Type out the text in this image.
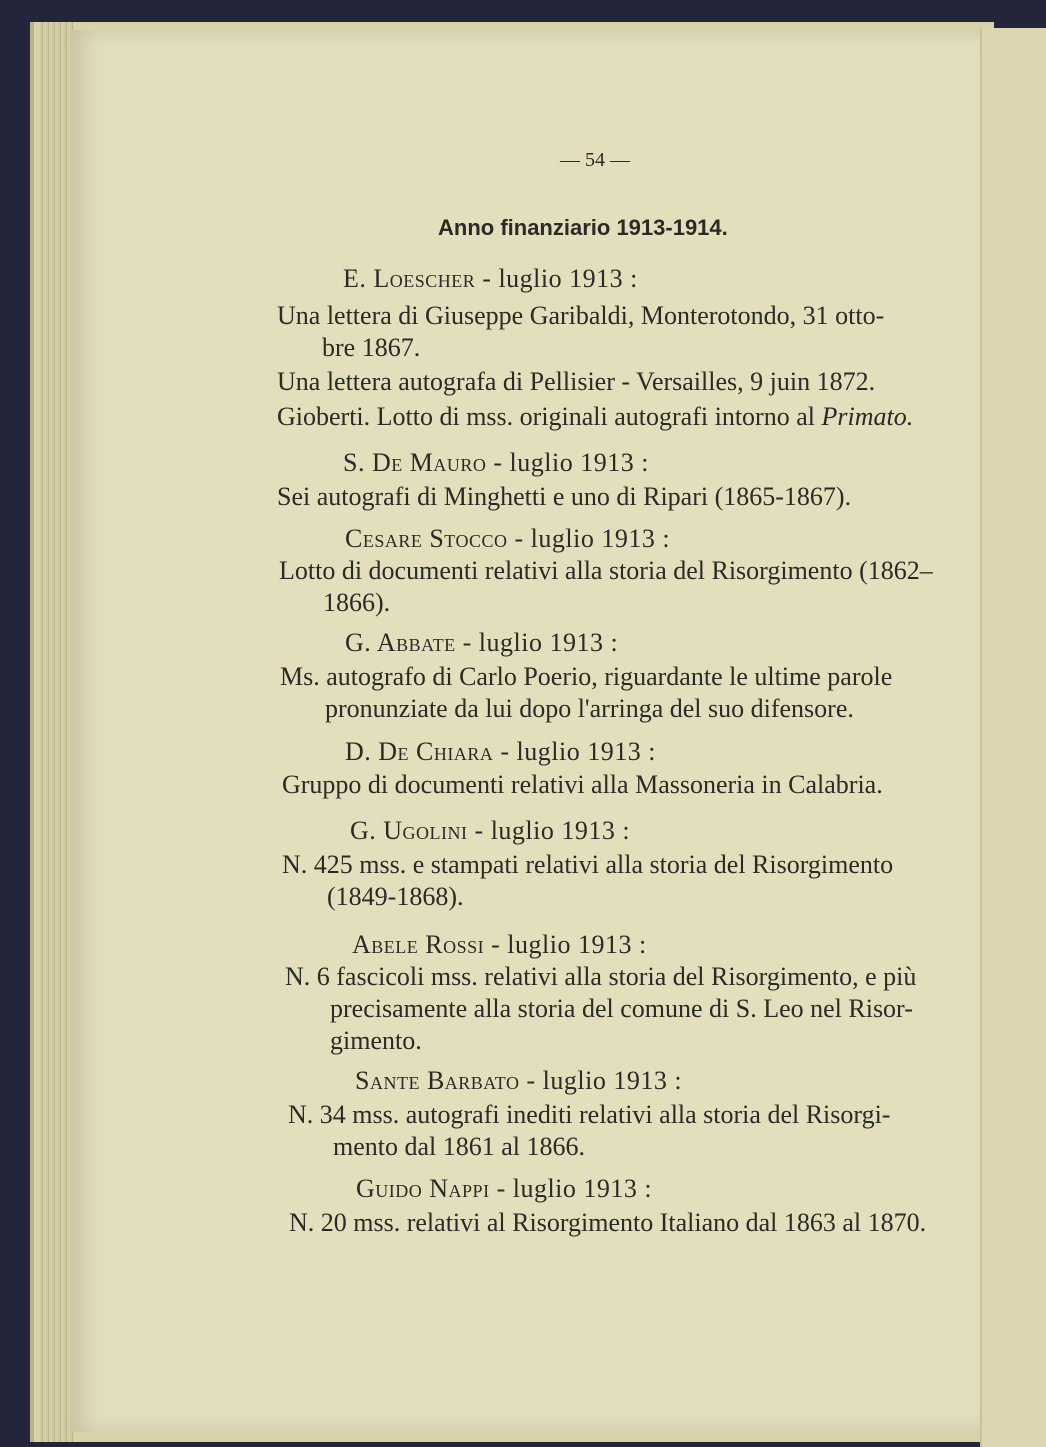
— 54 —
Anno finanziario 1913-1914.
E. Loescher - luglio 1913 :
Una lettera di Giuseppe Garibaldi, Monterotondo, 31 otto-
bre 1867.
Una lettera autografa di Pellisier - Versailles, 9 juin 1872.
Gioberti. Lotto di mss. originali autografi intorno al Primato.
S. De Mauro - luglio 1913 :
Sei autografi di Minghetti e uno di Ripari (1865-1867).
Cesare Stocco - luglio 1913 :
Lotto di documenti relativi alla storia del Risorgimento (1862–
1866).
G. Abbate - luglio 1913 :
Ms. autografo di Carlo Poerio, riguardante le ultime parole
pronunziate da lui dopo l'arringa del suo difensore.
D. De Chiara - luglio 1913 :
Gruppo di documenti relativi alla Massoneria in Calabria.
G. Ugolini - luglio 1913 :
N. 425 mss. e stampati relativi alla storia del Risorgimento
(1849-1868).
Abele Rossi - luglio 1913 :
N. 6 fascicoli mss. relativi alla storia del Risorgimento, e più
precisamente alla storia del comune di S. Leo nel Risor-
gimento.
Sante Barbato - luglio 1913 :
N. 34 mss. autografi inediti relativi alla storia del Risorgi-
mento dal 1861 al 1866.
Guido Nappi - luglio 1913 :
N. 20 mss. relativi al Risorgimento Italiano dal 1863 al 1870.
